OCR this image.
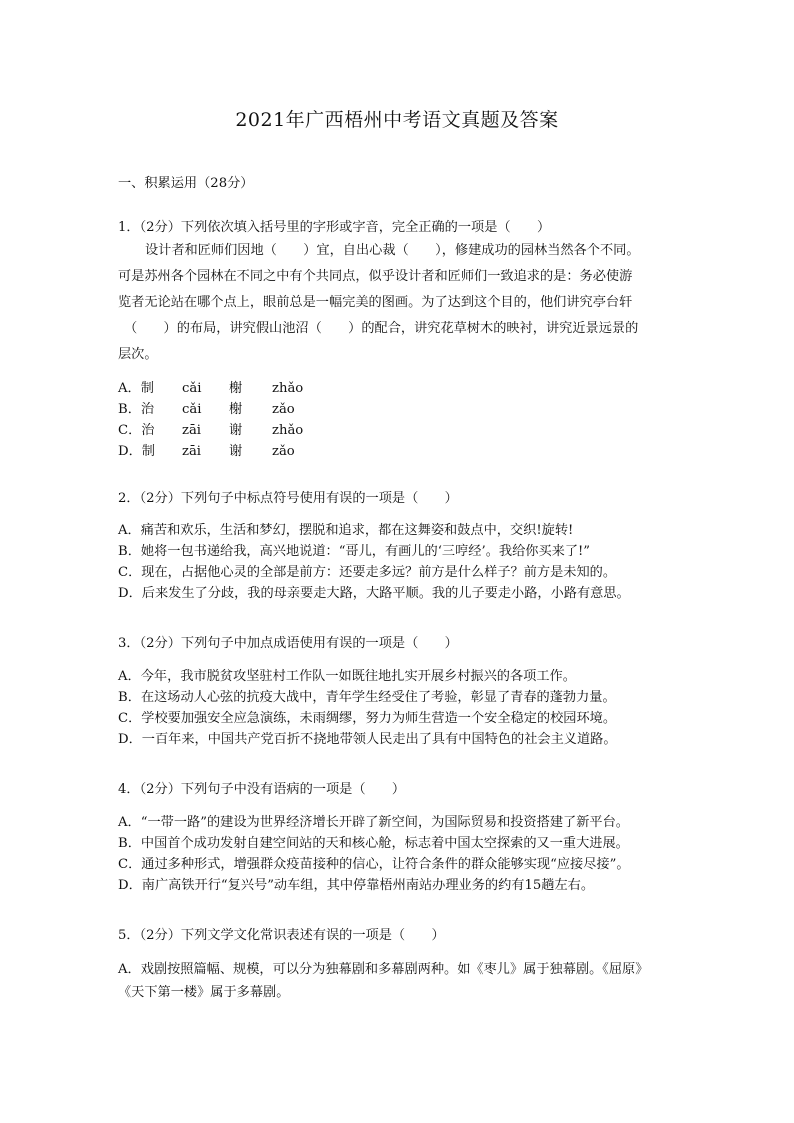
2021年广西梧州中考语文真题及答案
一、积累运用（28分）
1．（2分）下列依次填入括号里的字形或字音，完全正确的一项是（　　）

设计者和匠师们因地（　　）宜，自出心裁（　　），修建成功的园林当然各个不同。

可是苏州各个园林在不同之中有个共同点，似乎设计者和匠师们一致追求的是：务必使游

览者无论站在哪个点上，眼前总是一幅完美的图画。为了达到这个目的，他们讲究亭台轩

（　　）的布局，讲究假山池沼（　　）的配合，讲究花草树木的映衬，讲究近景远景的

层次。

A．制 cǎi 榭 zhǎo
B．治 cǎi 榭 zǎo
C．治 zāi 谢 zhǎo
D．制 zāi 谢 zǎo
2．（2分）下列句子中标点符号使用有误的一项是（　　）
A．痛苦和欢乐，生活和梦幻，摆脱和追求，都在这舞姿和鼓点中，交织!旋转!
B．她将一包书递给我，高兴地说道：“哥儿，有画儿的‘三哼经’。我给你买来了!”
C．现在，占据他心灵的全部是前方：还要走多远？前方是什么样子？前方是未知的。
D．后来发生了分歧，我的母亲要走大路，大路平顺。我的儿子要走小路，小路有意思。
3．（2分）下列句子中加点成语使用有误的一项是（　　）
A．今年，我市脱贫攻坚驻村工作队一如既往地扎实开展乡村振兴的各项工作。
B．在这场动人心弦的抗疫大战中，青年学生经受住了考验，彰显了青春的蓬勃力量。
C．学校要加强安全应急演练，未雨绸缪，努力为师生营造一个安全稳定的校园环境。
D．一百年来，中国共产党百折不挠地带领人民走出了具有中国特色的社会主义道路。
4．（2分）下列句子中没有语病的一项是（　　）
A．“一带一路”的建设为世界经济增长开辟了新空间，为国际贸易和投资搭建了新平台。
B．中国首个成功发射自建空间站的天和核心舱，标志着中国太空探索的又一重大进展。
C．通过多种形式，增强群众疫苗接种的信心，让符合条件的群众能够实现“应接尽接”。
D．南广高铁开行“复兴号”动车组，其中停靠梧州南站办理业务的约有15趟左右。
5．（2分）下列文学文化常识表述有误的一项是（　　）
A．戏剧按照篇幅、规模，可以分为独幕剧和多幕剧两种。如《枣儿》属于独幕剧。《屈原》
《天下第一楼》属于多幕剧。
